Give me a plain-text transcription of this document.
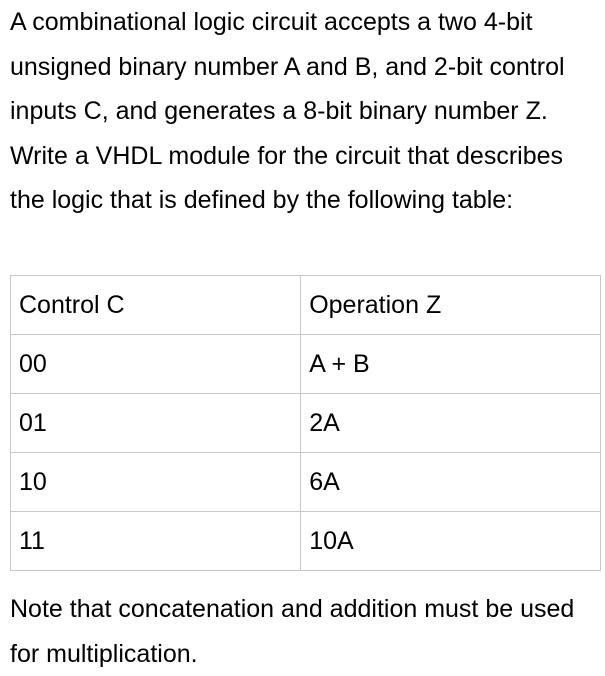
A combinational logic circuit accepts a two 4-bit unsigned binary number A and B, and 2-bit control inputs C, and generates a 8-bit binary number Z. Write a VHDL module for the circuit that describes the logic that is defined by the following table:

Control C	Operation Z
00	A + B
01	2A
10	6A
11	10A

Note that concatenation and addition must be used for multiplication.
